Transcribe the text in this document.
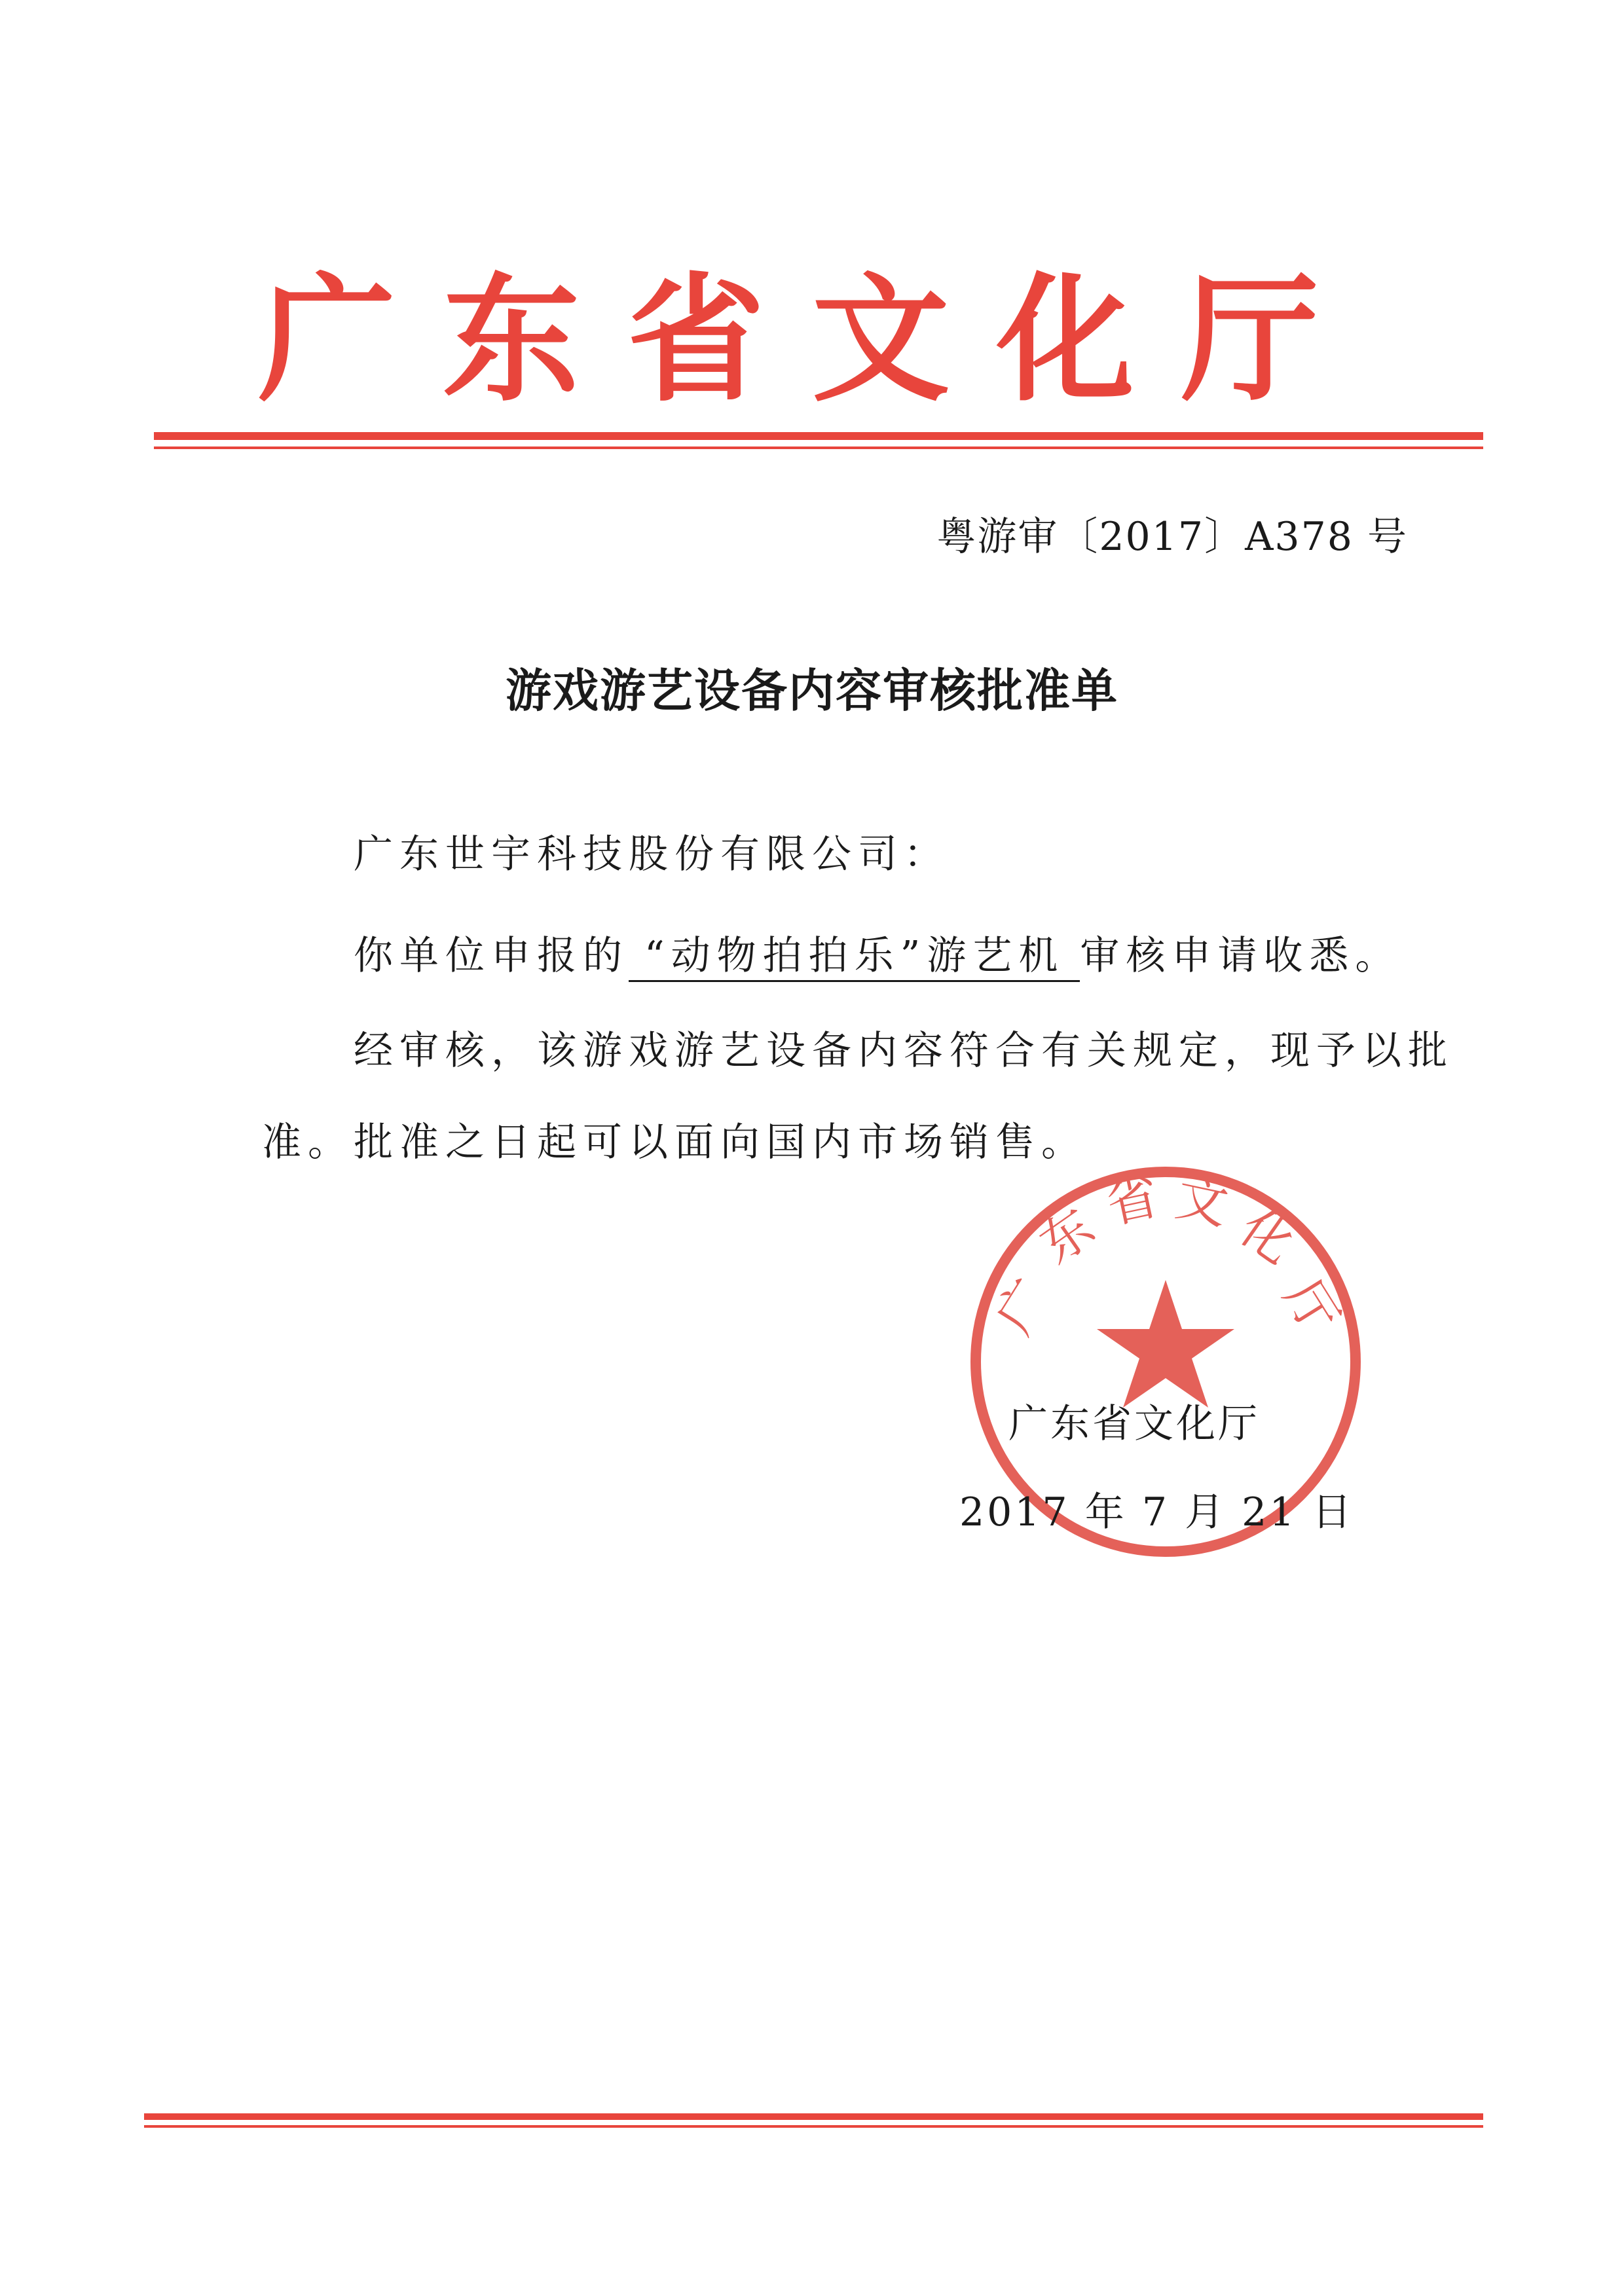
广东省文化厅
粤游审〔2017〕A378 号
游戏游艺设备内容审核批准单
广东世宇科技股份有限公司：
你单位申报的 “动物拍拍乐”游艺机 审核申请收悉。
经审核，该游戏游艺设备内容符合有关规定，现予以批
准。批准之日起可以面向国内市场销售。
广
东
省 文
化
厅
广东省文化厅
2017 年 7 月 21 日
